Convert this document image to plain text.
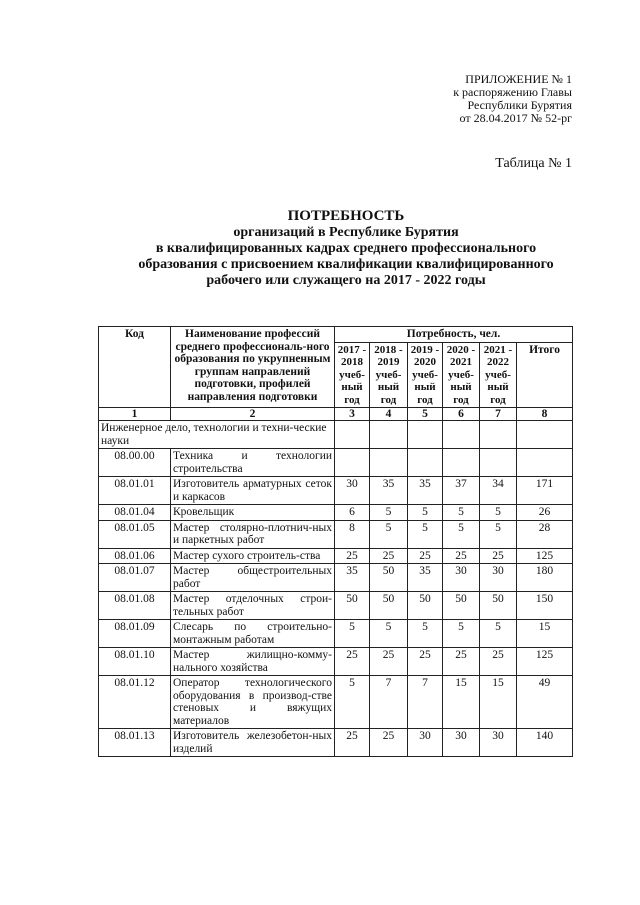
ПРИЛОЖЕНИЕ № 1
к распоряжению Главы
Республики Бурятия
от 28.04.2017 № 52-рг
Таблица № 1
ПОТРЕБНОСТЬ
организаций в Республике Бурятия
в квалифицированных кадрах среднего профессионального
образования с присвоением квалификации квалифицированного
рабочего или служащего на 2017 - 2022 годы
Код	Наименование профессий среднего профессиональ-ного образования по укрупненным группам направлений подготовки, профилей направления подготовки	Потребность, чел.					
		2017 - 2018 учеб-ный год	2018 - 2019 учеб-ный год	2019 - 2020 учеб-ный год	2020 - 2021 учеб-ный год	2021 - 2022 учеб-ный год	Итого
1	2	3	4	5	6	7	8
Инженерное дело, технологии и техни-ческие науки							
08.00.00	Техника и технологии строительства						
08.01.01	Изготовитель арматурных сеток и каркасов	30	35	35	37	34	171
08.01.04	Кровельщик	6	5	5	5	5	26
08.01.05	Мастер столярно-плотнич-ных и паркетных работ	8	5	5	5	5	28
08.01.06	Мастер сухого строитель-ства	25	25	25	25	25	125
08.01.07	Мастер общестроительных работ	35	50	35	30	30	180
08.01.08	Мастер отделочных строи-тельных работ	50	50	50	50	50	150
08.01.09	Слесарь по строительно-монтажным работам	5	5	5	5	5	15
08.01.10	Мастер жилищно-комму-нального хозяйства	25	25	25	25	25	125
08.01.12	Оператор технологического оборудования в производ-стве стеновых и вяжущих материалов	5	7	7	15	15	49
08.01.13	Изготовитель железобетон-ных изделий	25	25	30	30	30	140
